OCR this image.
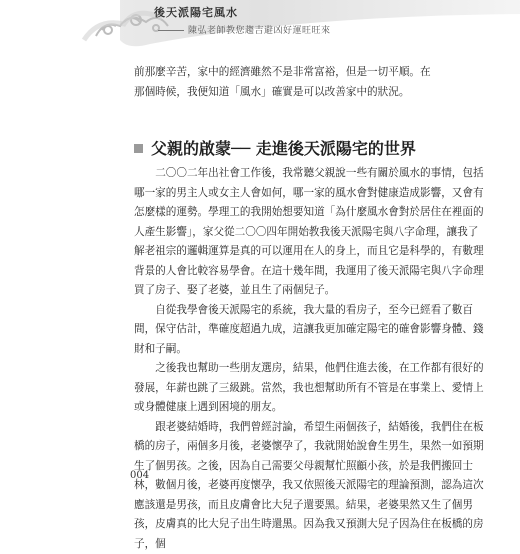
後天派陽宅風水
陳弘老師教您趨吉避凶好運旺旺來

前那麼辛苦，家中的經濟雖然不是非常富裕，但是一切平順。在

那個時候，我便知道「風水」確實是可以改善家中的狀況。

父親的啟蒙── 走進後天派陽宅的世界

二〇〇二年出社會工作後，我常聽父親說一些有關於風水的事情，包括哪一家的男主人或女主人會如何，哪一家的風水會對健康造成影響，又會有怎麼樣的運勢。學理工的我開始想要知道「為什麼風水會對於居住在裡面的人產生影響」，家父從二〇〇四年開始教我後天派陽宅與八字命理，讓我了解老祖宗的邏輯運算是真的可以運用在人的身上，而且它是科學的，有數理背景的人會比較容易學會。在這十幾年間，我運用了後天派陽宅與八字命理買了房子、娶了老婆，並且生了兩個兒子。

自從我學會後天派陽宅的系統，我大量的看房子，至今已經看了數百間，保守估計，準確度超過九成，這讓我更加確定陽宅的確會影響身體、錢財和子嗣。

之後我也幫助一些朋友選房，結果，他們住進去後，在工作都有很好的發展，年薪也跳了三級跳。當然，我也想幫助所有不管是在事業上、愛情上或身體健康上遇到困境的朋友。

跟老婆結婚時，我們曾經討論，希望生兩個孩子，結婚後，我們住在板橋的房子，兩個多月後，老婆懷孕了，我就開始說會生男生，果然一如預期生了個男孩。之後，因為自己需要父母親幫忙照顧小孩，於是我們搬回士林，數個月後，老婆再度懷孕，我又依照後天派陽宅的理論預測，認為這次應該還是男孩，而且皮膚會比大兒子還要黑。結果，老婆果然又生了個男孩，皮膚真的比大兒子出生時還黑。因為我又預測大兒子因為住在板橋的房子，個

004
